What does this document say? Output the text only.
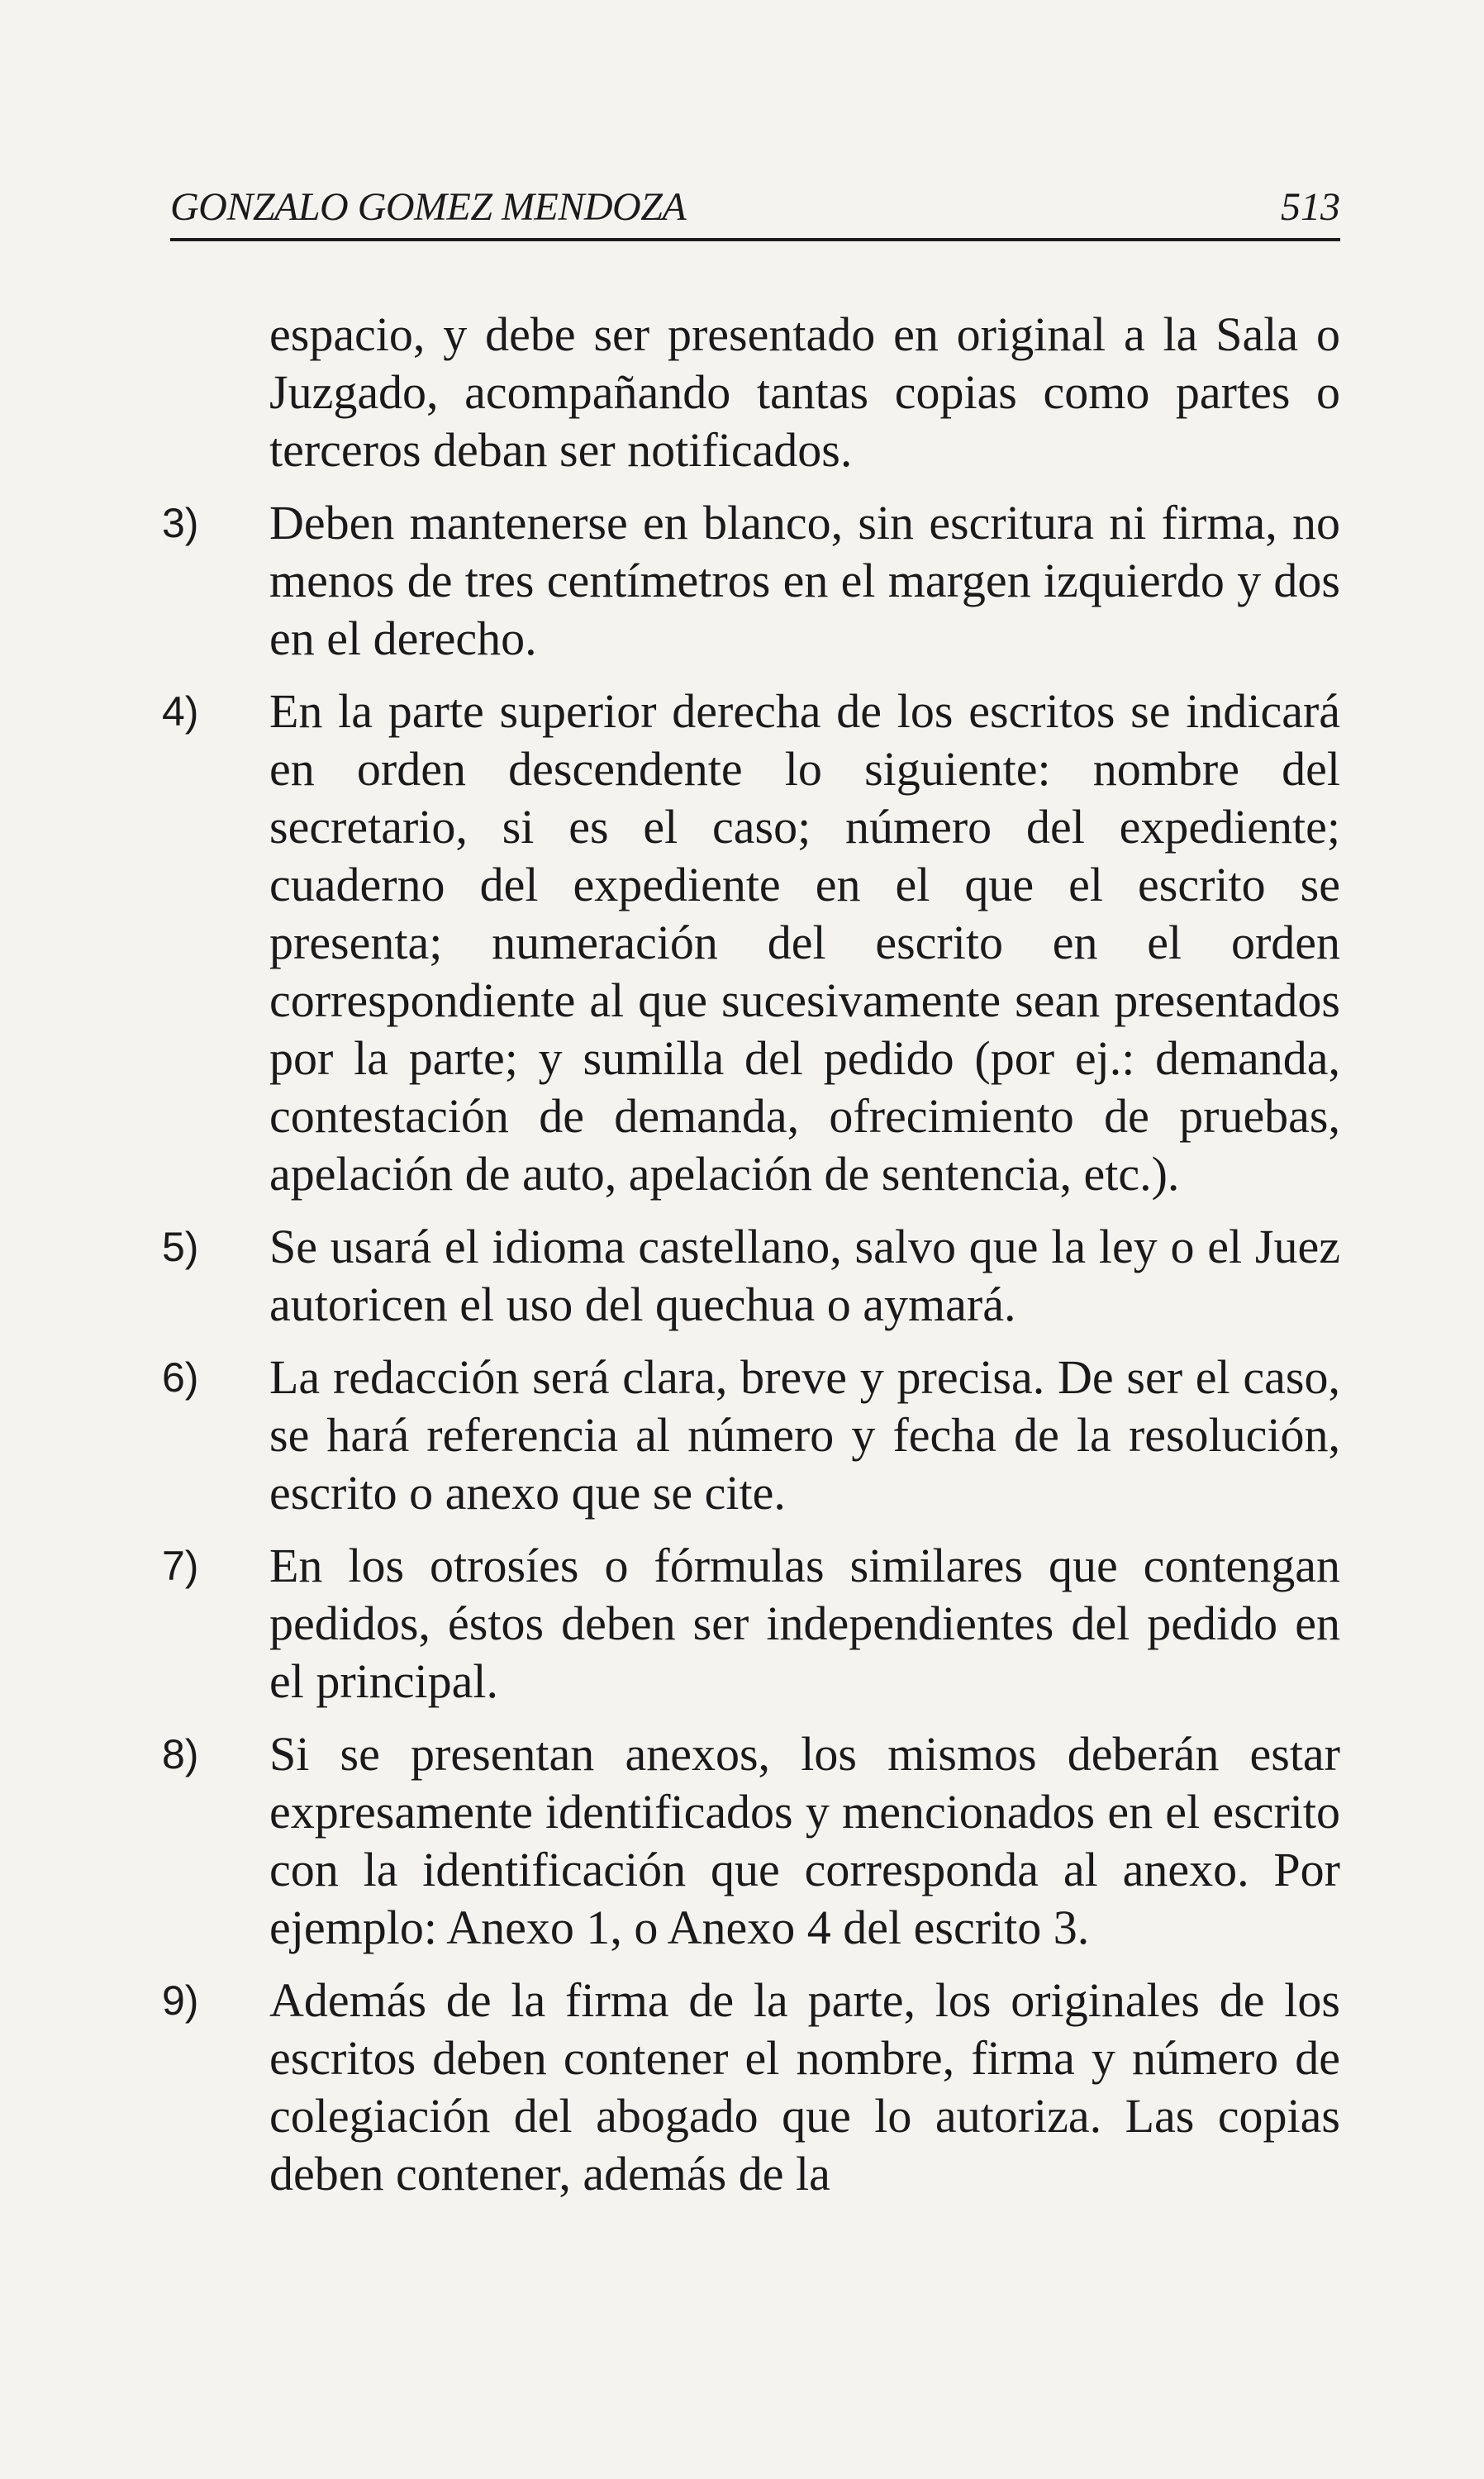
GONZALO GOMEZ MENDOZA	513

espacio, y debe ser presentado en original a la Sala o Juzgado, acompañando tantas copias como partes o terceros deban ser notificados.

3) Deben mantenerse en blanco, sin escritura ni firma, no menos de tres centímetros en el margen izquierdo y dos en el derecho.
4) En la parte superior derecha de los escritos se indicará en orden descendente lo siguiente: nombre del secretario, si es el caso; número del expediente; cuaderno del expediente en el que el escrito se presenta; numeración del escrito en el orden correspondiente al que sucesivamente sean presentados por la parte; y sumilla del pedido (por ej.: demanda, contestación de demanda, ofrecimiento de pruebas, apelación de auto, apelación de sentencia, etc.).
5) Se usará el idioma castellano, salvo que la ley o el Juez autoricen el uso del quechua o aymará.
6) La redacción será clara, breve y precisa. De ser el caso, se hará referencia al número y fecha de la resolución, escrito o anexo que se cite.
7) En los otrosíes o fórmulas similares que contengan pedidos, éstos deben ser independientes del pedido en el principal.
8) Si se presentan anexos, los mismos deberán estar expresamente identificados y mencionados en el escrito con la identificación que corresponda al anexo. Por ejemplo: Anexo 1, o Anexo 4 del escrito 3.
9) Además de la firma de la parte, los originales de los escritos deben contener el nombre, firma y número de colegiación del abogado que lo autoriza. Las copias deben contener, además de la
